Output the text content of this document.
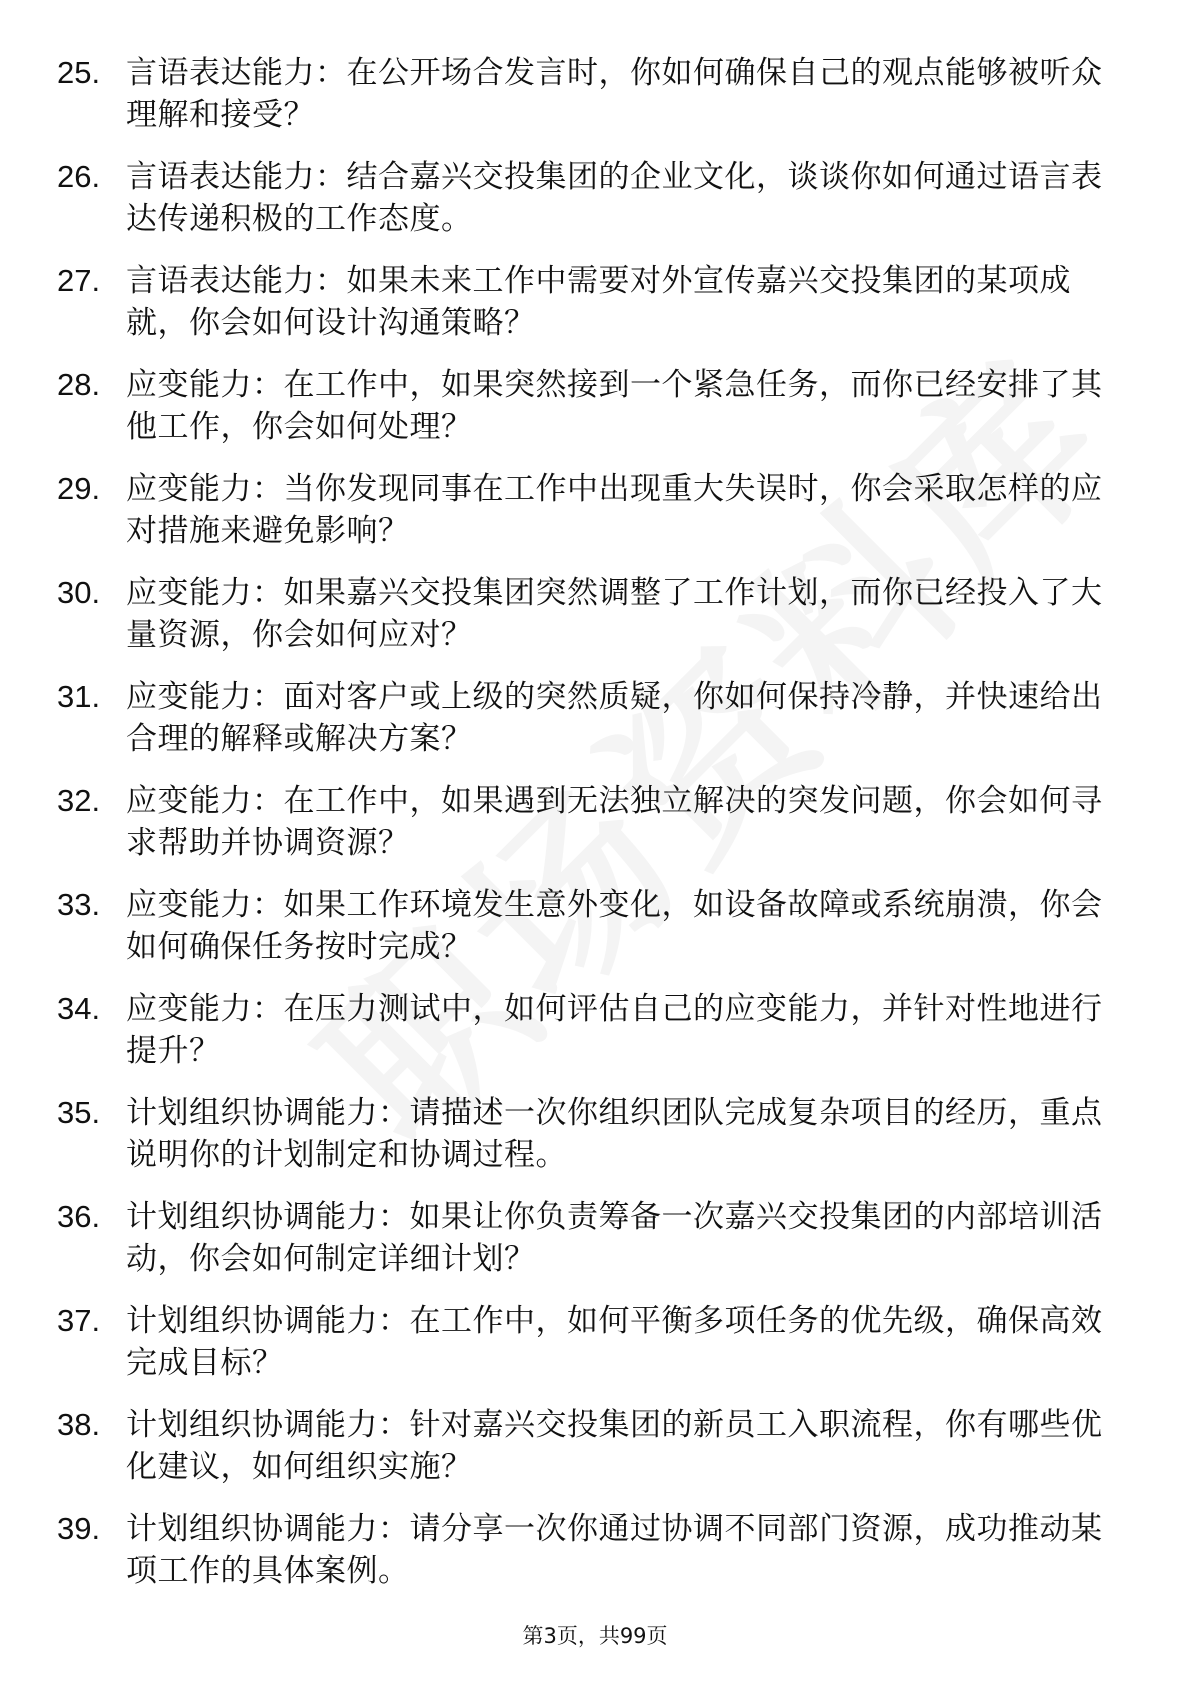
25. 言语表达能力：在公开场合发言时，你如何确保自己的观点能够被听众理解和接受？
26. 言语表达能力：结合嘉兴交投集团的企业文化，谈谈你如何通过语言表达传递积极的工作态度。
27. 言语表达能力：如果未来工作中需要对外宣传嘉兴交投集团的某项成就，你会如何设计沟通策略？
28. 应变能力：在工作中，如果突然接到一个紧急任务，而你已经安排了其他工作，你会如何处理？
29. 应变能力：当你发现同事在工作中出现重大失误时，你会采取怎样的应对措施来避免影响？
30. 应变能力：如果嘉兴交投集团突然调整了工作计划，而你已经投入了大量资源，你会如何应对？
31. 应变能力：面对客户或上级的突然质疑，你如何保持冷静，并快速给出合理的解释或解决方案？
32. 应变能力：在工作中，如果遇到无法独立解决的突发问题，你会如何寻求帮助并协调资源？
33. 应变能力：如果工作环境发生意外变化，如设备故障或系统崩溃，你会如何确保任务按时完成？
34. 应变能力：在压力测试中，如何评估自己的应变能力，并针对性地进行提升？
35. 计划组织协调能力：请描述一次你组织团队完成复杂项目的经历，重点说明你的计划制定和协调过程。
36. 计划组织协调能力：如果让你负责筹备一次嘉兴交投集团的内部培训活动，你会如何制定详细计划？
37. 计划组织协调能力：在工作中，如何平衡多项任务的优先级，确保高效完成目标？
38. 计划组织协调能力：针对嘉兴交投集团的新员工入职流程，你有哪些优化建议，如何组织实施？
39. 计划组织协调能力：请分享一次你通过协调不同部门资源，成功推动某项工作的具体案例。
第3页，共99页
